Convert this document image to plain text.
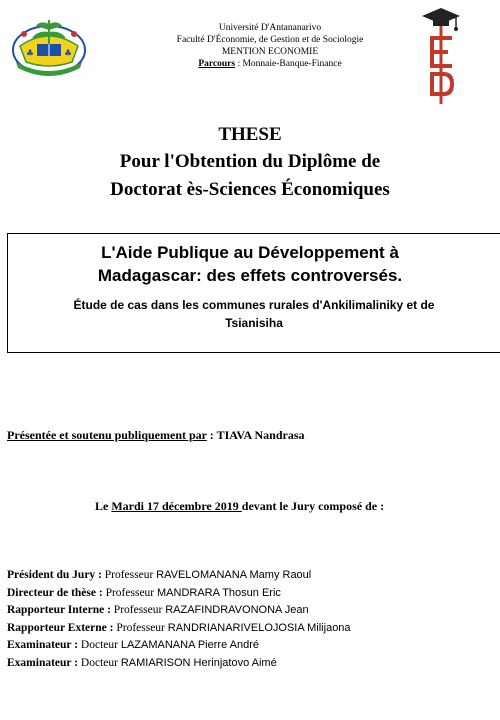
♣	♣
Université D'Antananarivo
Faculté D'Économie, de Gestion et de Sociologie
MENTION ECONOMIE
Parcours : Monnaie-Banque-Finance
THESE
Pour l'Obtention du Diplôme de
Doctorat ès-Sciences Économiques
L'Aide Publique au Développement à
Madagascar: des effets controversés.
Étude de cas dans les communes rurales d'Ankilimaliniky et de
Tsianisiha
Présentée et soutenu publiquement par : TIAVA Nandrasa
Le Mardi 17 décembre 2019 devant le Jury composé de :
Président du Jury : Professeur RAVELOMANANA Mamy Raoul
Directeur de thèse : Professeur MANDRARA Thosun Eric
Rapporteur Interne : Professeur RAZAFINDRAVONONA Jean
Rapporteur Externe : Professeur RANDRIANARIVELOJOSIA Milijaona
Examinateur : Docteur LAZAMANANA Pierre André
Examinateur : Docteur RAMIARISON Herinjatovo Aimé
